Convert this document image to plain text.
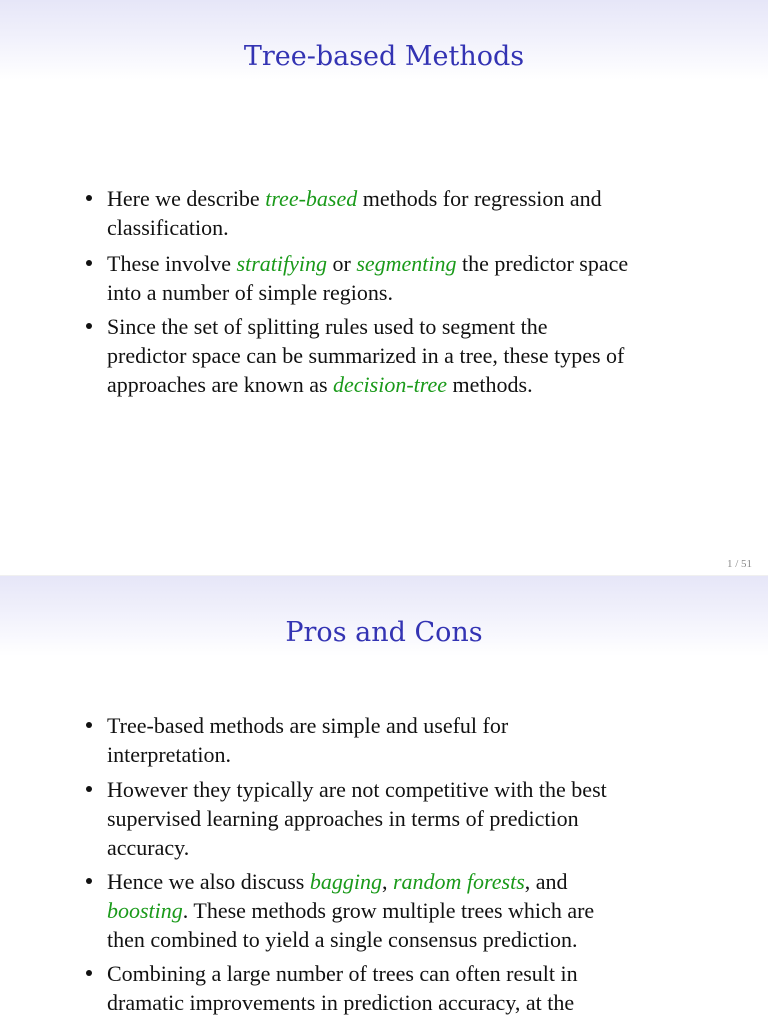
Tree-based Methods
Here we describe tree-based methods for regression and
classification.
These involve stratifying or segmenting the predictor space
into a number of simple regions.
Since the set of splitting rules used to segment the
predictor space can be summarized in a tree, these types of
approaches are known as decision-tree methods.
1 / 51
Pros and Cons
Tree-based methods are simple and useful for
interpretation.
However they typically are not competitive with the best
supervised learning approaches in terms of prediction
accuracy.
Hence we also discuss bagging, random forests, and
boosting. These methods grow multiple trees which are
then combined to yield a single consensus prediction.
Combining a large number of trees can often result in
dramatic improvements in prediction accuracy, at the
